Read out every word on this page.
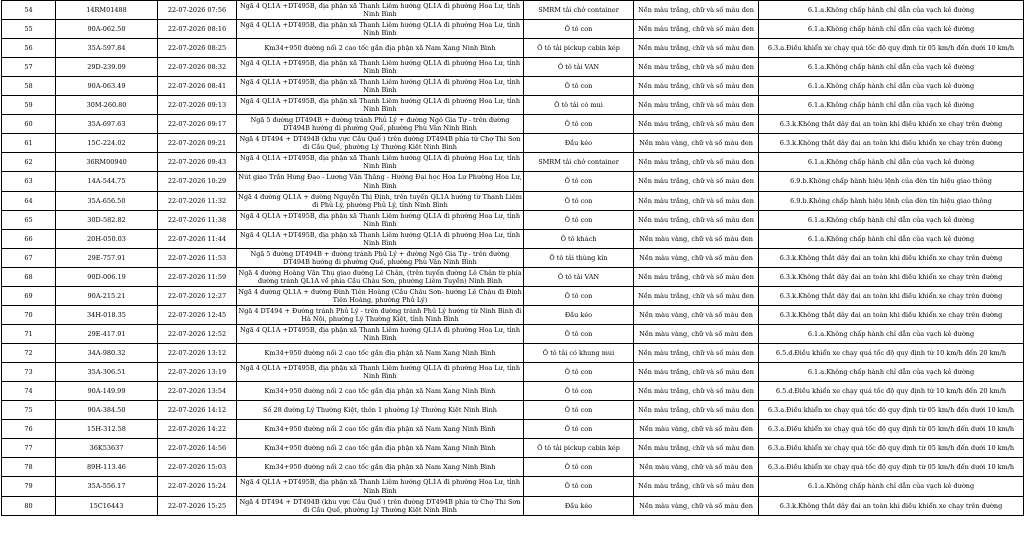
54	14RM01488	22-07-2026 07:56	Ngã 4 QL1A +DT495B, địa phận xã Thanh Liêm hướng QL1A đi phường Hoa Lư, tỉnh Ninh Bình	SMRM tải chở container	Nền màu trắng, chữ và số màu đen	6.1.a.Không chấp hành chỉ dẫn của vạch kẻ đường
55	90A-062.50	22-07-2026 08:16	Ngã 4 QL1A +DT495B, địa phận xã Thanh Liêm hướng QL1A đi phường Hoa Lư, tỉnh Ninh Bình	Ô tô con	Nền màu trắng, chữ và số màu đen	6.1.a.Không chấp hành chỉ dẫn của vạch kẻ đường
56	35A-597.84	22-07-2026 08:25	Km34+950 đường nối 2 cao tốc gần địa phận xã Nam Xang Ninh Bình	Ô tô tải pickup cabin kép	Nền màu trắng, chữ và số màu đen	6.3.a.Điều khiển xe chạy quá tốc độ quy định từ 05 km/h đến dưới 10 km/h
57	29D-239.09	22-07-2026 08:32	Ngã 4 QL1A +DT495B, địa phận xã Thanh Liêm hướng QL1A đi phường Hoa Lư, tỉnh Ninh Bình	Ô tô tải VAN	Nền màu trắng, chữ và số màu đen	6.1.a.Không chấp hành chỉ dẫn của vạch kẻ đường
58	90A-063.49	22-07-2026 08:41	Ngã 4 QL1A +DT495B, địa phận xã Thanh Liêm hướng QL1A đi phường Hoa Lư, tỉnh Ninh Bình	Ô tô con	Nền màu trắng, chữ và số màu đen	6.1.a.Không chấp hành chỉ dẫn của vạch kẻ đường
59	30M-260.80	22-07-2026 09:13	Ngã 4 QL1A +DT495B, địa phận xã Thanh Liêm hướng QL1A đi phường Hoa Lư, tỉnh Ninh Bình	Ô tô tải có mui	Nền màu trắng, chữ và số màu đen	6.1.a.Không chấp hành chỉ dẫn của vạch kẻ đường
60	35A-697.63	22-07-2026 09:17	Ngã 5 đường DT494B + đường tránh Phủ Lý + đường Ngô Gia Tự - trên đường DT494B hướng đi phường Quế, phường Phù Vân Ninh Bình	Ô tô con	Nền màu trắng, chữ và số màu đen	6.3.k.Không thắt dây đai an toàn khi điều khiển xe chạy trên đường
61	15C-224.02	22-07-2026 09:21	Ngã 4 DT494 + DT494B (khu vực Cầu Quế ) trên đường DT494B phía từ Chợ Thi Sơn đi Cầu Quế, phường Lý Thường Kiệt Ninh Bình	Đầu kéo	Nền màu vàng, chữ và số màu đen	6.3.k.Không thắt dây đai an toàn khi điều khiển xe chạy trên đường
62	36RM00940	22-07-2026 09:43	Ngã 4 QL1A +DT495B, địa phận xã Thanh Liêm hướng QL1A đi phường Hoa Lư, tỉnh Ninh Bình	SMRM tải chở container	Nền màu trắng, chữ và số màu đen	6.1.a.Không chấp hành chỉ dẫn của vạch kẻ đường
63	14A-544.75	22-07-2026 10:29	Nút giao Trần Hưng Đạo - Lương Văn Thăng - Hướng Đại học Hoa Lư Phường Hoa Lư, Ninh Bình	Ô tô con	Nền màu trắng, chữ và số màu đen	6.9.b.Không chấp hành hiệu lệnh của đèn tín hiệu giao thông
64	35A-656.50	22-07-2026 11:32	Ngã 4 đường QL1A + đường Nguyễn Thị Định, trên tuyến QL1A hướng từ Thanh Liêm đi Phủ Lý, phường Phủ Lý, tỉnh Ninh Bình	Ô tô con	Nền màu trắng, chữ và số màu đen	6.9.b.Không chấp hành hiệu lệnh của đèn tín hiệu giao thông
65	30D-582.82	22-07-2026 11:38	Ngã 4 QL1A +DT495B, địa phận xã Thanh Liêm hướng QL1A đi phường Hoa Lư, tỉnh Ninh Bình	Ô tô con	Nền màu trắng, chữ và số màu đen	6.1.a.Không chấp hành chỉ dẫn của vạch kẻ đường
66	20H-050.03	22-07-2026 11:44	Ngã 4 QL1A +DT495B, địa phận xã Thanh Liêm hướng QL1A đi phường Hoa Lư, tỉnh Ninh Bình	Ô tô khách	Nền màu vàng, chữ và số màu đen	6.1.a.Không chấp hành chỉ dẫn của vạch kẻ đường
67	29E-757.91	22-07-2026 11:53	Ngã 5 đường DT494B + đường tránh Phủ Lý + đường Ngô Gia Tự - trên đường DT494B hướng đi phường Quế, phường Phù Vân Ninh Bình	Ô tô tải thùng kín	Nền màu vàng, chữ và số màu đen	6.3.k.Không thắt dây đai an toàn khi điều khiển xe chạy trên đường
68	90D-006.19	22-07-2026 11:59	Ngã 4 đường Hoàng Văn Thụ giao đường Lê Chân, (trên tuyến đường Lê Chân từ phía đường tránh QL1A về phía Cầu Châu Sơn, phường Liêm Tuyền) Ninh Bình	Ô tô tải VAN	Nền màu trắng, chữ và số màu đen	6.3.k.Không thắt dây đai an toàn khi điều khiển xe chạy trên đường
69	90A-215.21	22-07-2026 12:27	Ngã 4 đường QL1A + đường Đinh Tiên Hoàng (Cầu Châu Sơn- hướng Lê Châu đi Đinh Tiên Hoàng, phường Phủ Lý)	Ô tô con	Nền màu trắng, chữ và số màu đen	6.3.k.Không thắt dây đai an toàn khi điều khiển xe chạy trên đường
70	34H-018.35	22-07-2026 12:45	Ngã 4 DT494 + Đường tránh Phủ Lý - trên đường tránh Phủ Lý hướng từ Ninh Bình đi Hà Nội, phường Lý Thường Kiệt, tỉnh Ninh Bình	Đầu kéo	Nền màu vàng, chữ và số màu đen	6.3.k.Không thắt dây đai an toàn khi điều khiển xe chạy trên đường
71	29E-417.91	22-07-2026 12:52	Ngã 4 QL1A +DT495B, địa phận xã Thanh Liêm hướng QL1A đi phường Hoa Lư, tỉnh Ninh Bình	Ô tô con	Nền màu vàng, chữ và số màu đen	6.1.a.Không chấp hành chỉ dẫn của vạch kẻ đường
72	34A-980.32	22-07-2026 13:12	Km34+950 đường nối 2 cao tốc gần địa phận xã Nam Xang Ninh Bình	Ô tô tải có khung mui	Nền màu trắng, chữ và số màu đen	6.5.d.Điều khiển xe chạy quá tốc độ quy định từ 10 km/h đến 20 km/h
73	35A-306.51	22-07-2026 13:19	Ngã 4 QL1A +DT495B, địa phận xã Thanh Liêm hướng QL1A đi phường Hoa Lư, tỉnh Ninh Bình	Ô tô con	Nền màu trắng, chữ và số màu đen	6.1.a.Không chấp hành chỉ dẫn của vạch kẻ đường
74	90A-149.99	22-07-2026 13:54	Km34+950 đường nối 2 cao tốc gần địa phận xã Nam Xang Ninh Bình	Ô tô con	Nền màu trắng, chữ và số màu đen	6.5.d.Điều khiển xe chạy quá tốc độ quy định từ 10 km/h đến 20 km/h
75	90A-384.50	22-07-2026 14:12	Số 28 đường Lý Thường Kiệt, thôn 1 phường Lý Thường Kiệt Ninh Bình	Ô tô con	Nền màu trắng, chữ và số màu đen	6.3.a.Điều khiển xe chạy quá tốc độ quy định từ 05 km/h đến dưới 10 km/h
76	15H-312.58	22-07-2026 14:22	Km34+950 đường nối 2 cao tốc gần địa phận xã Nam Xang Ninh Bình	Ô tô con	Nền màu vàng, chữ và số màu đen	6.3.a.Điều khiển xe chạy quá tốc độ quy định từ 05 km/h đến dưới 10 km/h
77	36K53637	22-07-2026 14:56	Km34+950 đường nối 2 cao tốc gần địa phận xã Nam Xang Ninh Bình	Ô tô tải pickup cabin kép	Nền màu trắng, chữ và số màu đen	6.3.a.Điều khiển xe chạy quá tốc độ quy định từ 05 km/h đến dưới 10 km/h
78	89H-113.46	22-07-2026 15:03	Km34+950 đường nối 2 cao tốc gần địa phận xã Nam Xang Ninh Bình	Ô tô con	Nền màu vàng, chữ và số màu đen	6.3.a.Điều khiển xe chạy quá tốc độ quy định từ 05 km/h đến dưới 10 km/h
79	35A-556.17	22-07-2026 15:24	Ngã 4 QL1A +DT495B, địa phận xã Thanh Liêm hướng QL1A đi phường Hoa Lư, tỉnh Ninh Bình	Ô tô con	Nền màu trắng, chữ và số màu đen	6.1.a.Không chấp hành chỉ dẫn của vạch kẻ đường
80	15C16443	22-07-2026 15:25	Ngã 4 DT494 + DT494B (khu vực Cầu Quế ) trên đường DT494B phía từ Chợ Thi Sơn đi Cầu Quế, phường Lý Thường Kiệt Ninh Bình	Đầu kéo	Nền màu vàng, chữ và số màu đen	6.3.k.Không thắt dây đai an toàn khi điều khiển xe chạy trên đường
